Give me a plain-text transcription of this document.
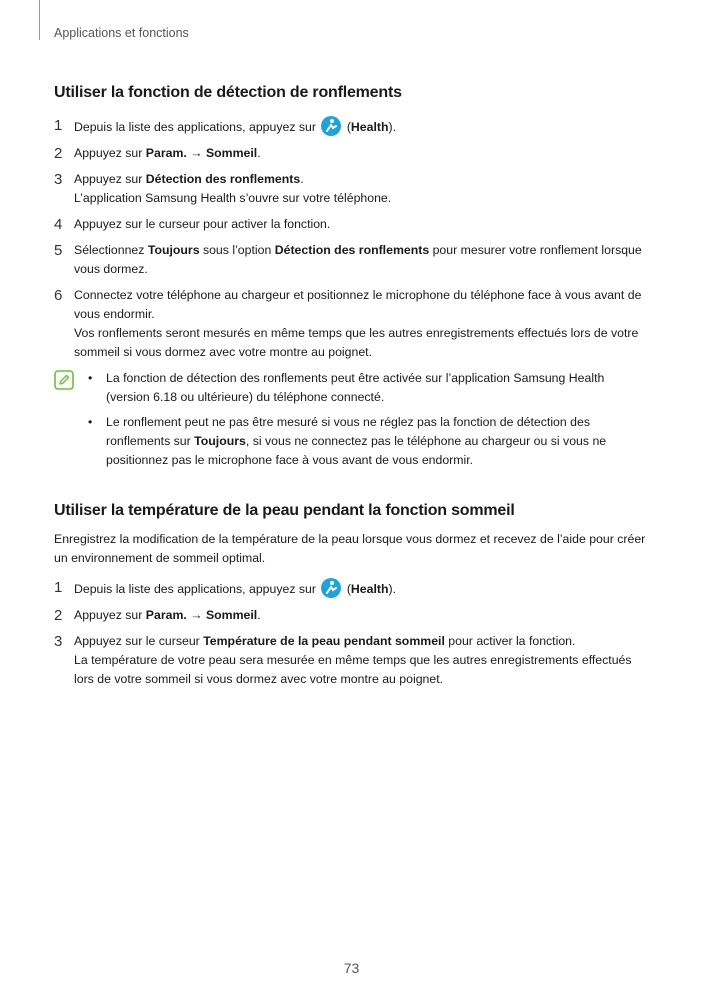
Applications et fonctions
Utiliser la fonction de détection de ronflements
1 Depuis la liste des applications, appuyez sur
(Health).
2 Appuyez sur Param. → Sommeil.
3 Appuyez sur Détection des ronflements.
L’application Samsung Health s’ouvre sur votre téléphone.
4 Appuyez sur le curseur pour activer la fonction.
5 Sélectionnez Toujours sous l’option Détection des ronflements pour mesurer votre ronflement lorsque vous dormez.
6 Connectez votre téléphone au chargeur et positionnez le microphone du téléphone face à vous avant de vous endormir.
Vos ronflements seront mesurés en même temps que les autres enregistrements effectués lors de votre sommeil si vous dormez avec votre montre au poignet.
•	La fonction de détection des ronflements peut être activée sur l’application Samsung Health (version 6.18 ou ultérieure) du téléphone connecté.
•	Le ronflement peut ne pas être mesuré si vous ne réglez pas la fonction de détection des ronflements sur Toujours, si vous ne connectez pas le téléphone au chargeur ou si vous ne positionnez pas le microphone face à vous avant de vous endormir.
Utiliser la température de la peau pendant la fonction sommeil
Enregistrez la modification de la température de la peau lorsque vous dormez et recevez de l’aide pour créer un environnement de sommeil optimal.
1 Depuis la liste des applications, appuyez sur
(Health).
2 Appuyez sur Param. → Sommeil.
3 Appuyez sur le curseur Température de la peau pendant sommeil pour activer la fonction.
La température de votre peau sera mesurée en même temps que les autres enregistrements effectués lors de votre sommeil si vous dormez avec votre montre au poignet.
73
